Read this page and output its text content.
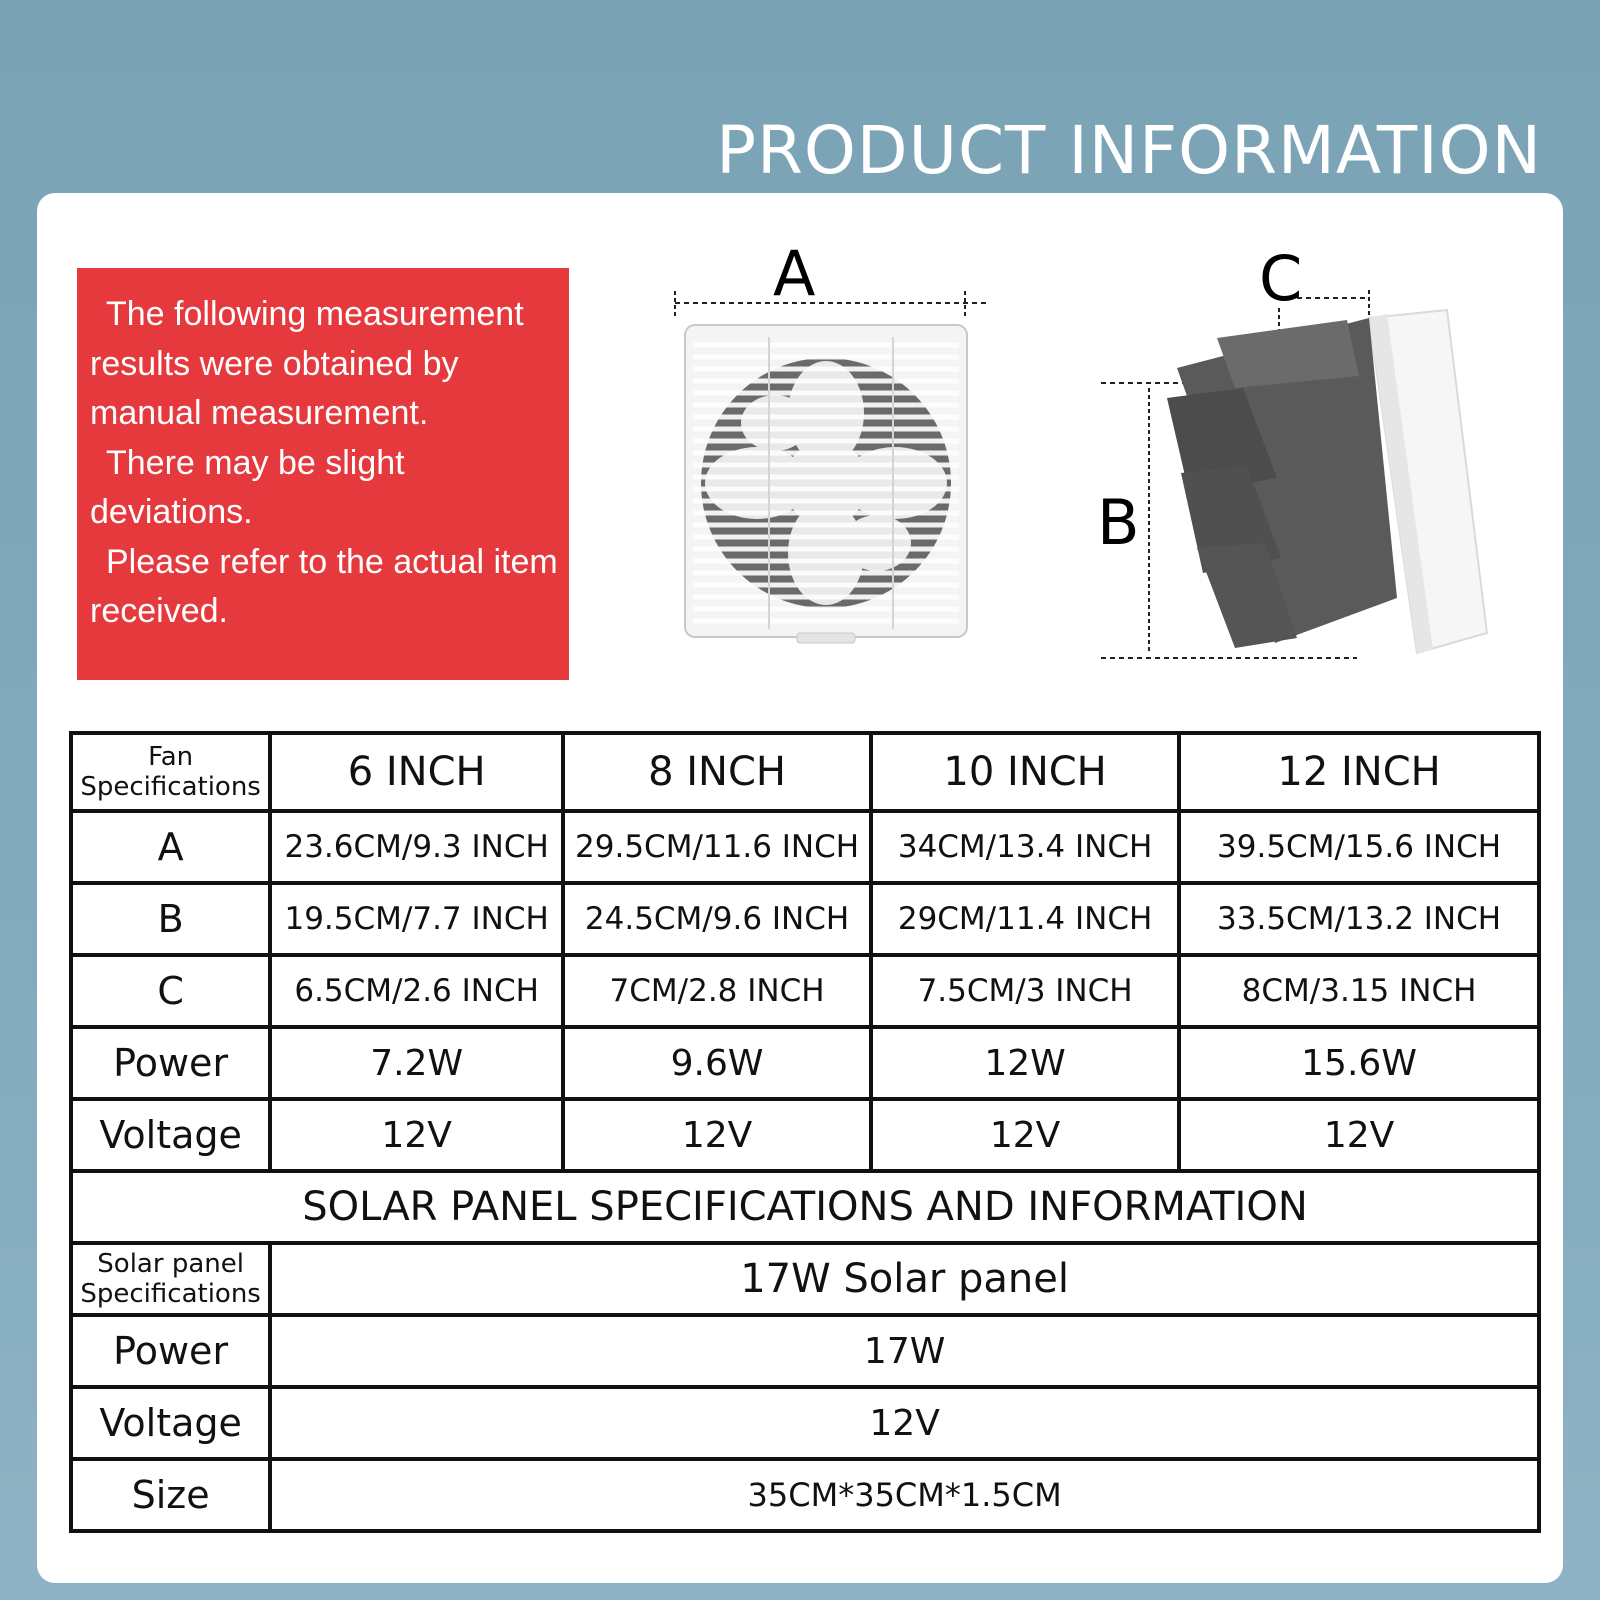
PRODUCT INFORMATION

The following measurement results were obtained by manual measurement.

There may be slight deviations.

Please refer to the actual item received.

A	C
B
Fan Specifications	6 INCH	8 INCH	10 INCH	12 INCH
A	23.6CM/9.3 INCH	29.5CM/11.6 INCH	34CM/13.4 INCH	39.5CM/15.6 INCH
B	19.5CM/7.7 INCH	24.5CM/9.6 INCH	29CM/11.4 INCH	33.5CM/13.2 INCH
C	6.5CM/2.6 INCH	7CM/2.8 INCH	7.5CM/3 INCH	8CM/3.15 INCH
Power	7.2W	9.6W	12W	15.6W
Voltage	12V	12V	12V	12V
SOLAR PANEL SPECIFICATIONS AND INFORMATION				
Solar panel Specifications	17W Solar panel			
Power	17W			
Voltage	12V			
Size	35CM*35CM*1.5CM			
